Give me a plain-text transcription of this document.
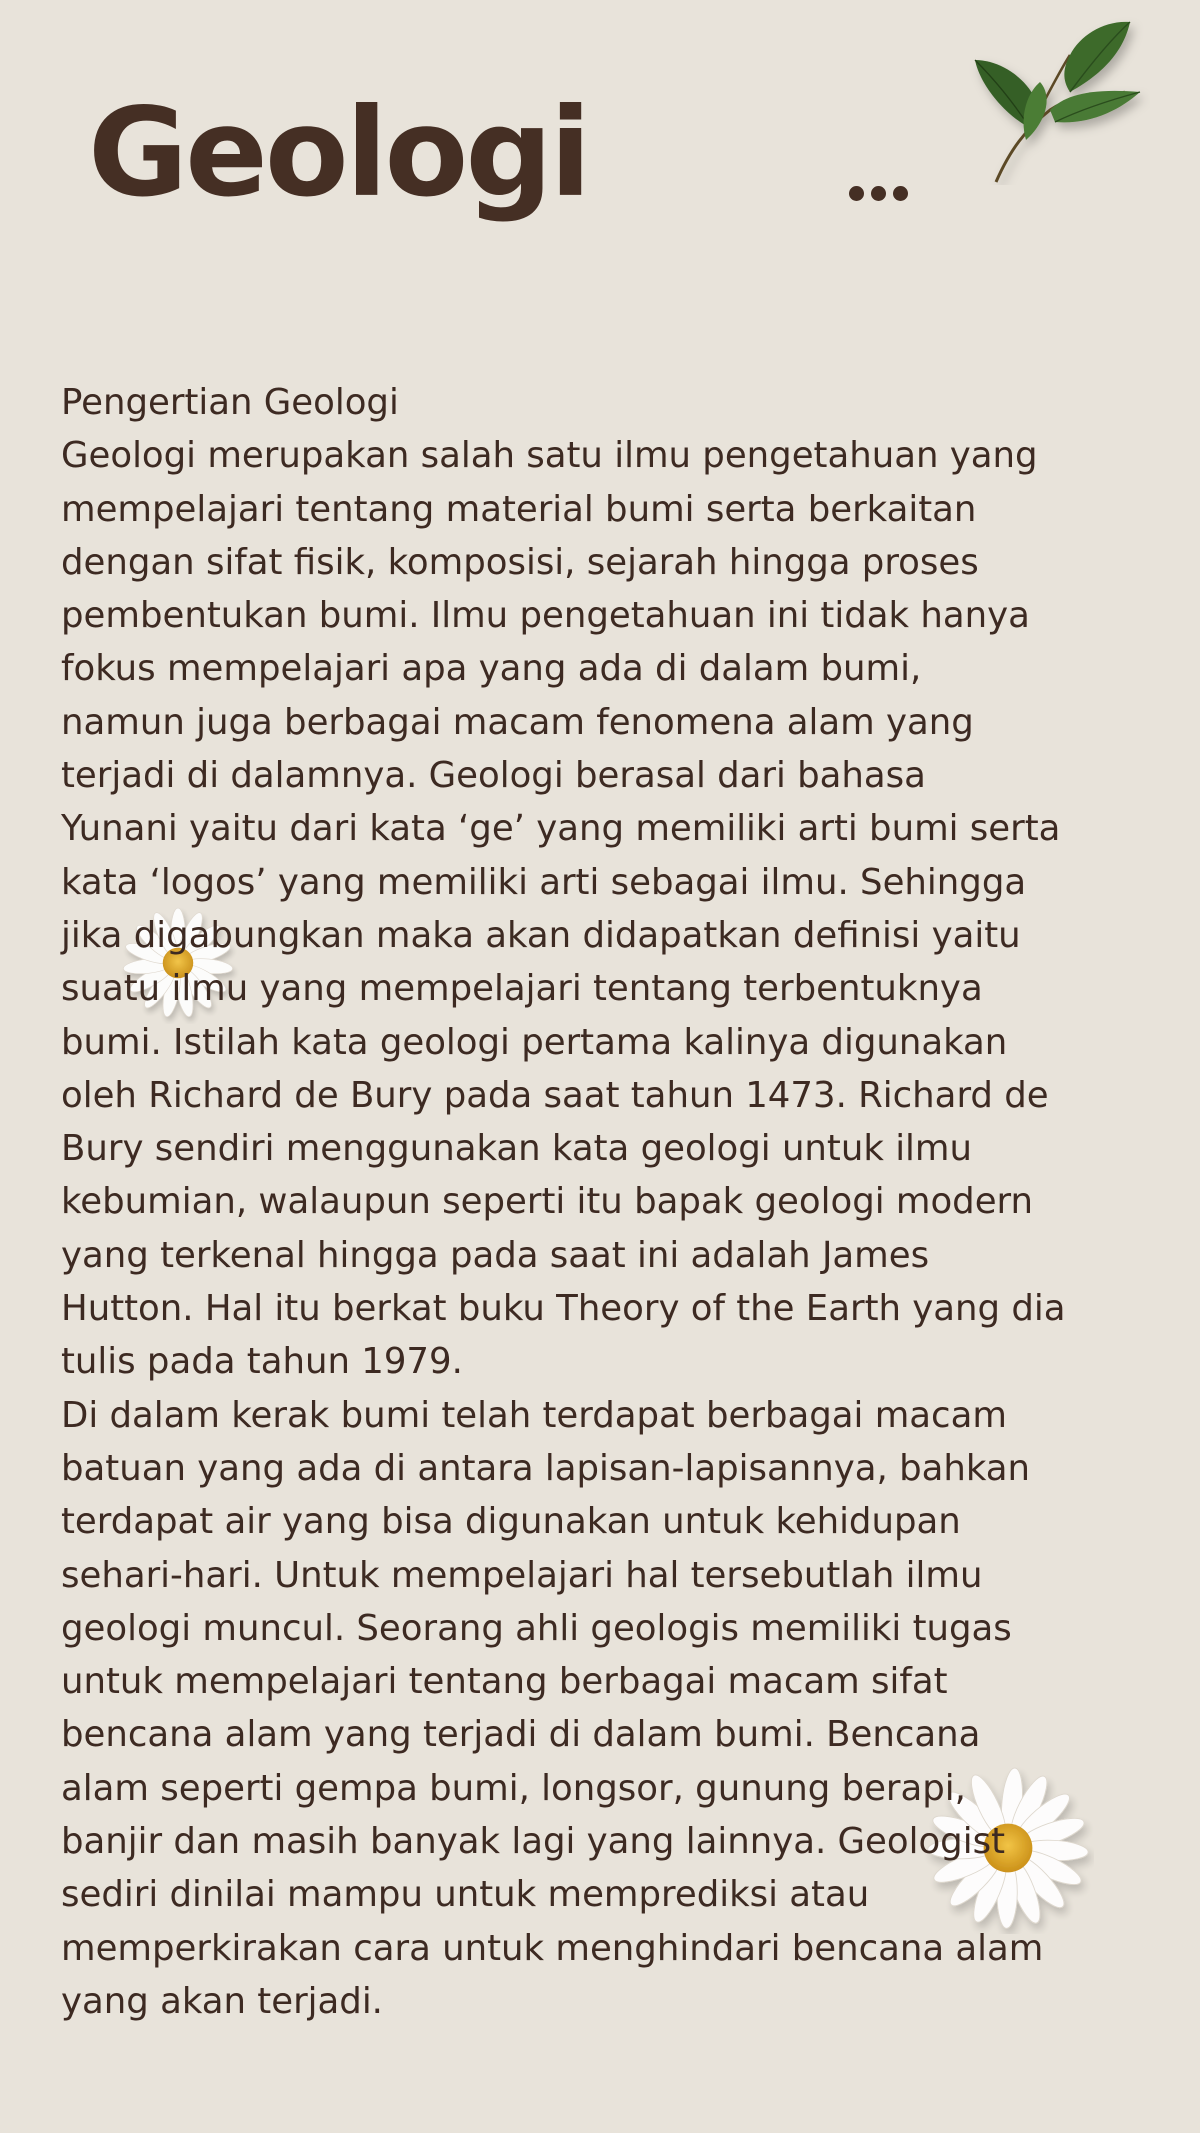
Geologi
Pengertian Geologi
Geologi merupakan salah satu ilmu pengetahuan yang
mempelajari tentang material bumi serta berkaitan
dengan sifat fisik, komposisi, sejarah hingga proses
pembentukan bumi. Ilmu pengetahuan ini tidak hanya
fokus mempelajari apa yang ada di dalam bumi,
namun juga berbagai macam fenomena alam yang
terjadi di dalamnya. Geologi berasal dari bahasa
Yunani yaitu dari kata ‘ge’ yang memiliki arti bumi serta
kata ‘logos’ yang memiliki arti sebagai ilmu. Sehingga
jika digabungkan maka akan didapatkan definisi yaitu
suatu ilmu yang mempelajari tentang terbentuknya
bumi. Istilah kata geologi pertama kalinya digunakan
oleh Richard de Bury pada saat tahun 1473. Richard de
Bury sendiri menggunakan kata geologi untuk ilmu
kebumian, walaupun seperti itu bapak geologi modern
yang terkenal hingga pada saat ini adalah James
Hutton. Hal itu berkat buku Theory of the Earth yang dia
tulis pada tahun 1979.
Di dalam kerak bumi telah terdapat berbagai macam
batuan yang ada di antara lapisan-lapisannya, bahkan
terdapat air yang bisa digunakan untuk kehidupan
sehari-hari. Untuk mempelajari hal tersebutlah ilmu
geologi muncul. Seorang ahli geologis memiliki tugas
untuk mempelajari tentang berbagai macam sifat
bencana alam yang terjadi di dalam bumi. Bencana
alam seperti gempa bumi, longsor, gunung berapi,
banjir dan masih banyak lagi yang lainnya. Geologist
sediri dinilai mampu untuk memprediksi atau
memperkirakan cara untuk menghindari bencana alam
yang akan terjadi.
